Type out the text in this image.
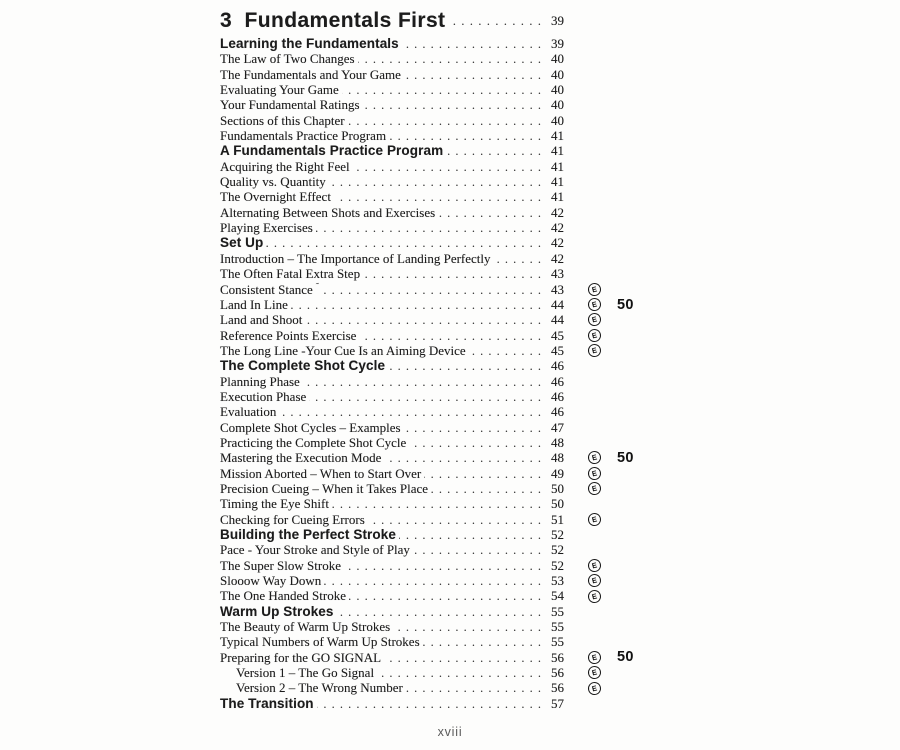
3  Fundamentals First . . .	39
Learning the Fundamentals . . .	39
The Law of Two Changes . . .	40
The Fundamentals and Your Game . . .	40
Evaluating Your Game . . .	40
Your Fundamental Ratings . . .	40
Sections of this Chapter . . .	40
Fundamentals Practice Program . . .	41
A Fundamentals Practice Program . . .	41
Acquiring the Right Feel . . .	41
Quality vs. Quantity . . .	41
The Overnight Effect . . .	41
Alternating Between Shots and Exercises . . .	42
Playing Exercises . . .	42
Set Up . . .	42
Introduction – The Importance of Landing Perfectly . . .	42
The Often Fatal Extra Step . . .	43
Consistent Stance ˜ . . .	43	E
Land In Line . . .	44	E	50
Land and Shoot . . .	44	E
Reference Points Exercise . . .	45	E
The Long Line -Your Cue Is an Aiming Device . . .	45	E
The Complete Shot Cycle . . .	46
Planning Phase . . .	46
Execution Phase . . .	46
Evaluation . . .	46
Complete Shot Cycles – Examples . . .	47
Practicing the Complete Shot Cycle . . .	48
Mastering the Execution Mode . . .	48	E	50
Mission Aborted – When to Start Over . . .	49	E
Precision Cueing – When it Takes Place . . .	50	E
Timing the Eye Shift . . .	50
Checking for Cueing Errors . . .	51	E
Building the Perfect Stroke . . .	52
Pace - Your Stroke and Style of Play . . .	52
The Super Slow Stroke . . .	52	E
Slooow Way Down . . .	53	E
The One Handed Stroke . . .	54	E
Warm Up Strokes . . .	55
The Beauty of Warm Up Strokes . . .	55
Typical Numbers of Warm Up Strokes . . .	55
Preparing for the GO SIGNAL . . .	56	E	50
Version 1 – The Go Signal . . .	56	E
Version 2 – The Wrong Number . . .	56	E
The Transition . . .	57
xviii
